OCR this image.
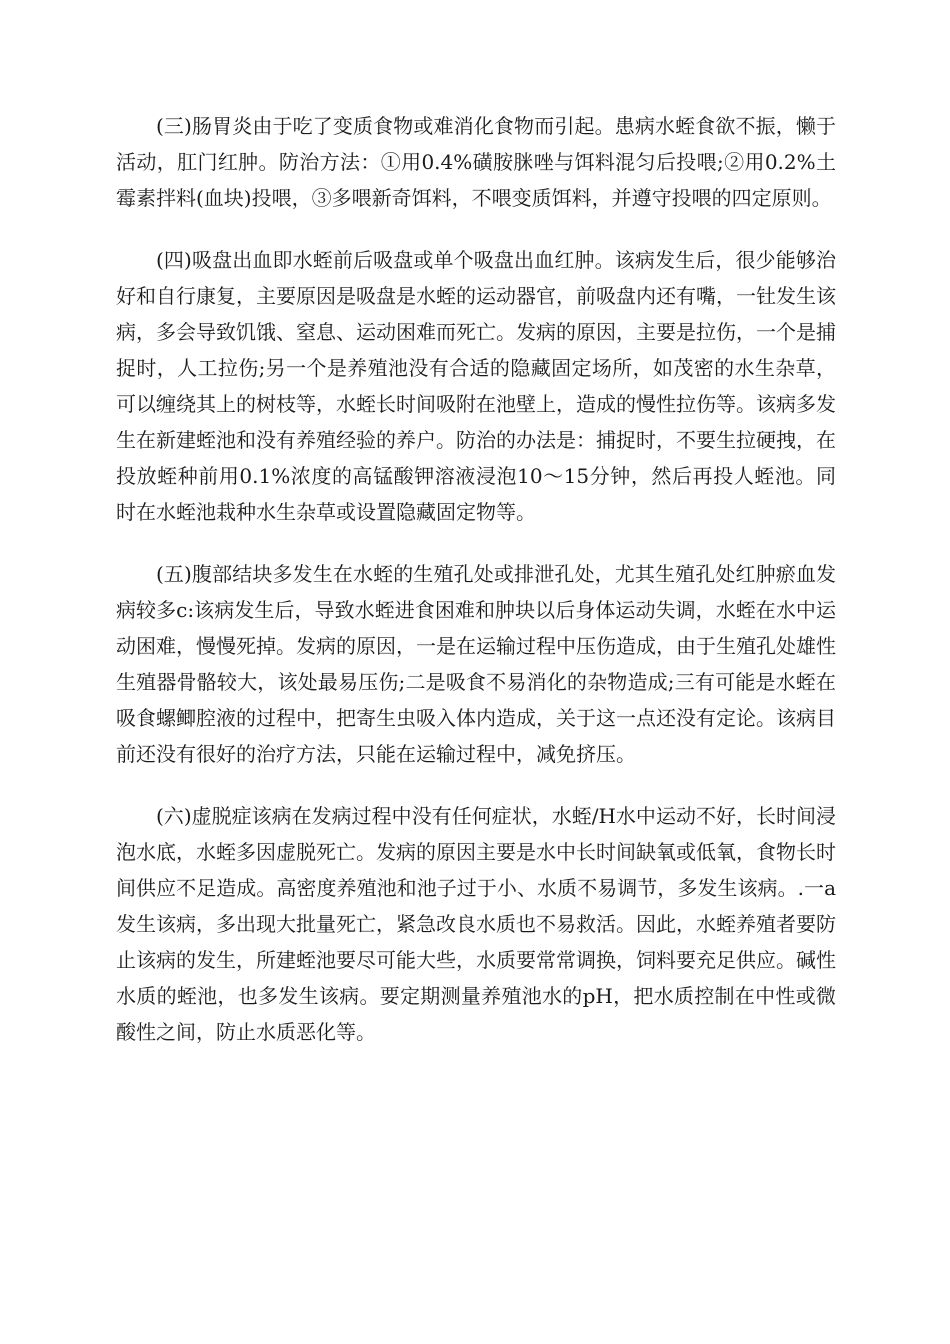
(三)肠胃炎由于吃了变质食物或难消化食物而引起。患病水蛭食欲不振，懒于活动，肛门红肿。防治方法：①用0.4%磺胺脒唑与饵料混匀后投喂;②用0.2%土霉素拌料(血块)投喂，③多喂新奇饵料，不喂变质饵料，并遵守投喂的四定原则。

(四)吸盘出血即水蛭前后吸盘或单个吸盘出血红肿。该病发生后，很少能够治好和自行康复，主要原因是吸盘是水蛭的运动器官，前吸盘内还有嘴，一钍发生该病，多会导致饥饿、窒息、运动困难而死亡。发病的原因，主要是拉伤，一个是捕捉时，人工拉伤;另一个是养殖池没有合适的隐藏固定场所，如茂密的水生杂草，可以缠绕其上的树枝等，水蛭长时间吸附在池壁上，造成的慢性拉伤等。该病多发生在新建蛭池和没有养殖经验的养户。防治的办法是：捕捉时，不要生拉硬拽，在投放蛭种前用0.1%浓度的高锰酸钾溶液浸泡10～15分钟，然后再投人蛭池。同时在水蛭池栽种水生杂草或设置隐藏固定物等。

(五)腹部结块多发生在水蛭的生殖孔处或排泄孔处，尤其生殖孔处红肿瘀血发病较多c:该病发生后，导致水蛭进食困难和肿块以后身体运动失调，水蛭在水中运动困难，慢慢死掉。发病的原因，一是在运输过程中压伤造成，由于生殖孔处雄性生殖器骨骼较大，该处最易压伤;二是吸食不易消化的杂物造成;三有可能是水蛭在吸食螺鲫腔液的过程中，把寄生虫吸入体内造成，关于这一点还没有定论。该病目前还没有很好的治疗方法，只能在运输过程中，减免挤压。

(六)虚脱症该病在发病过程中没有任何症状，水蛭/H水中运动不好，长时间浸泡水底，水蛭多因虚脱死亡。发病的原因主要是水中长时间缺氧或低氧，食物长时间供应不足造成。高密度养殖池和池子过于小、水质不易调节，多发生该病。.一a发生该病，多出现大批量死亡，紧急改良水质也不易救活。因此，水蛭养殖者要防止该病的发生，所建蛭池要尽可能大些，水质要常常调换，饲料要充足供应。碱性水质的蛭池，也多发生该病。要定期测量养殖池水的pH，把水质控制在中性或微酸性之间，防止水质恶化等。
